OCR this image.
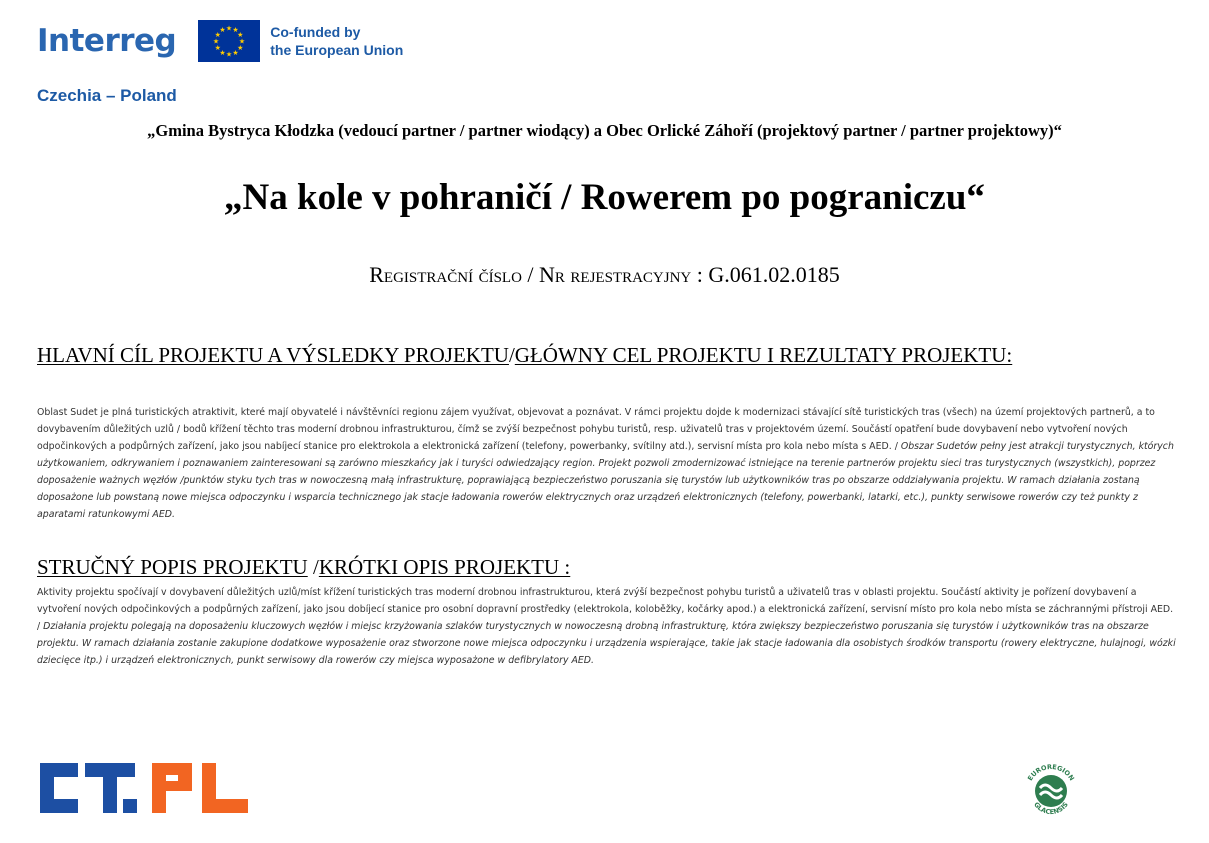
Interreg	★ ★
★
★
★
★
★
★
★
★
★
★	Co-funded by
the European Union
Czechia – Poland
„Gmina Bystryca Kłodzka (vedoucí partner / partner wiodący) a Obec Orlické Záhoří (projektový partner / partner projektowy)“
„Na kole v pohraničí / Rowerem po pograniczu“
Registrační číslo / Nr rejestracyjny : G.061.02.0185
HLAVNÍ CÍL PROJEKTU A VÝSLEDKY PROJEKTU/GŁÓWNY CEL PROJEKTU I REZULTATY PROJEKTU:
Oblast Sudet je plná turistických atraktivit, které mají obyvatelé i návštěvníci regionu zájem využívat, objevovat a poznávat. V rámci projektu dojde k modernizaci stávající sítě turistických tras (všech) na území projektových partnerů, a to dovybavením důležitých uzlů / bodů křížení těchto tras moderní drobnou infrastrukturou, čímž se zvýší bezpečnost pohybu turistů, resp. uživatelů tras v projektovém území. Součástí opatření bude dovybavení nebo vytvoření nových odpočinkových a podpůrných zařízení, jako jsou nabíjecí stanice pro elektrokola a elektronická zařízení (telefony, powerbanky, svítilny atd.), servisní místa pro kola nebo místa s AED. / Obszar Sudetów pełny jest atrakcji turystycznych, których użytkowaniem, odkrywaniem i poznawaniem zainteresowani są zarówno mieszkańcy jak i turyści odwiedzający region. Projekt pozwoli zmodernizować istniejące na terenie partnerów projektu sieci tras turystycznych (wszystkich), poprzez doposażenie ważnych węzłów /punktów styku tych tras w nowoczesną małą infrastrukturę, poprawiającą bezpieczeństwo poruszania się turystów lub użytkowników tras po obszarze oddziaływania projektu. W ramach działania zostaną doposażone lub powstaną nowe miejsca odpoczynku i wsparcia technicznego jak stacje ładowania rowerów elektrycznych oraz urządzeń elektronicznych (telefony, powerbanki, latarki, etc.), punkty serwisowe rowerów czy też punkty z aparatami ratunkowymi AED.
STRUČNÝ POPIS PROJEKTU /KRÓTKI OPIS PROJEKTU :
Aktivity projektu spočívají v dovybavení důležitých uzlů/míst křížení turistických tras moderní drobnou infrastrukturou, která zvýší bezpečnost pohybu turistů a uživatelů tras v oblasti projektu. Součástí aktivity je pořízení dovybavení a vytvoření nových odpočinkových a podpůrných zařízení, jako jsou dobíjecí stanice pro osobní dopravní prostředky (elektrokola, koloběžky, kočárky apod.) a elektronická zařízení, servisní místo pro kola nebo místa se záchrannými přístroji AED. / Działania projektu polegają na doposażeniu kluczowych węzłów i miejsc krzyżowania szlaków turystycznych w nowoczesną drobną infrastrukturę, która zwiększy bezpieczeństwo poruszania się turystów i użytkowników tras na obszarze projektu. W ramach działania zostanie zakupione dodatkowe wyposażenie oraz stworzone nowe miejsca odpoczynku i urządzenia wspierające, takie jak stacje ładowania dla osobistych środków transportu (rowery elektryczne, hulajnogi, wózki dziecięce itp.) i urządzeń elektronicznych, punkt serwisowy dla rowerów czy miejsca wyposażone w defibrylatory AED.
EUROREGION
GLACENSIS
